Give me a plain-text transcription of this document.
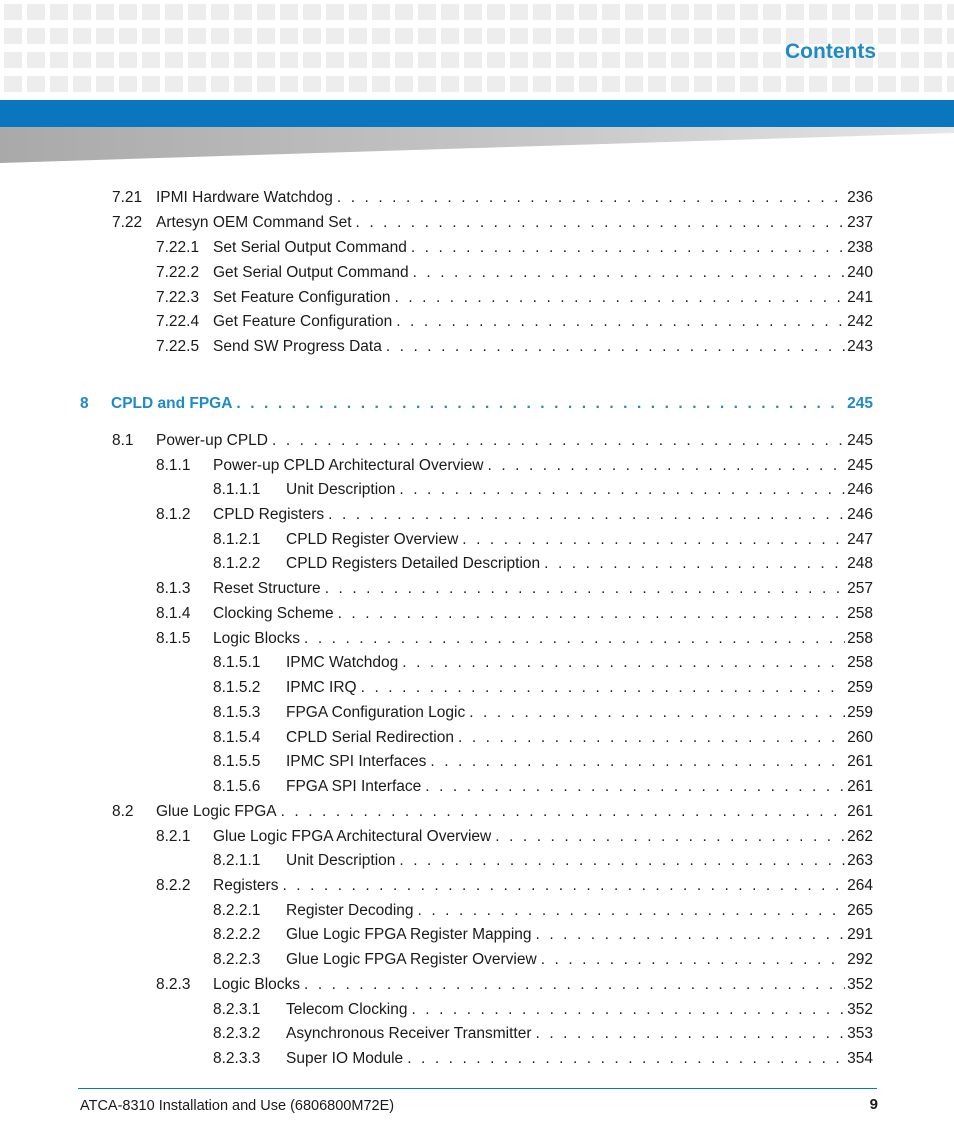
Contents
7.21 IPMI Hardware Watchdog . . .	236
7.22 Artesyn OEM Command Set . . .	237
7.22.1 Set Serial Output Command . . .	238
7.22.2 Get Serial Output Command . . .	240
7.22.3 Set Feature Configuration . . .	241
7.22.4 Get Feature Configuration . . .	242
7.22.5 Send SW Progress Data . . .	243
8 CPLD and FPGA . . .	245
8.1 Power-up CPLD . . .	245
8.1.1 Power-up CPLD Architectural Overview . . .	245
8.1.1.1 Unit Description . . .	246
8.1.2 CPLD Registers . . .	246
8.1.2.1 CPLD Register Overview . . .	247
8.1.2.2 CPLD Registers Detailed Description . . .	248
8.1.3 Reset Structure . . .	257
8.1.4 Clocking Scheme . . .	258
8.1.5 Logic Blocks . . .	258
8.1.5.1 IPMC Watchdog . . .	258
8.1.5.2 IPMC IRQ . . .	259
8.1.5.3 FPGA Configuration Logic . . .	259
8.1.5.4 CPLD Serial Redirection . . .	260
8.1.5.5 IPMC SPI Interfaces . . .	261
8.1.5.6 FPGA SPI Interface . . .	261
8.2 Glue Logic FPGA . . .	261
8.2.1 Glue Logic FPGA Architectural Overview . . .	262
8.2.1.1 Unit Description . . .	263
8.2.2 Registers . . .	264
8.2.2.1 Register Decoding . . .	265
8.2.2.2 Glue Logic FPGA Register Mapping . . .	291
8.2.2.3 Glue Logic FPGA Register Overview . . .	292
8.2.3 Logic Blocks . . .	352
8.2.3.1 Telecom Clocking . . .	352
8.2.3.2 Asynchronous Receiver Transmitter . . .	353
8.2.3.3 Super IO Module . . .	354
ATCA-8310 Installation and Use (6806800M72E)	9
